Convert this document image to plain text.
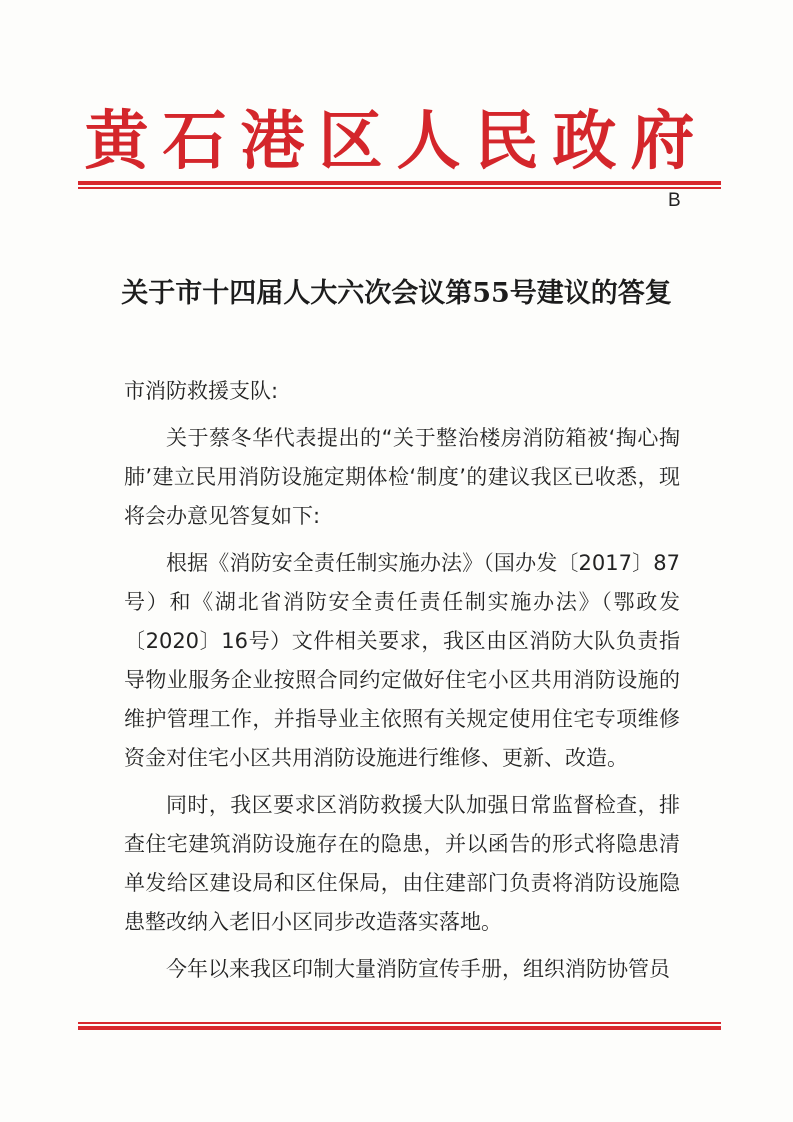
黄石港区人民政府
B
关于市十四届人大六次会议第55号建议的答复

市消防救援支队:

关于蔡冬华代表提出的“关于整治楼房消防箱被‘掏心掏肺’建立民用消防设施定期体检‘制度’的建议我区已收悉，现将会办意见答复如下:

根据《消防安全责任制实施办法》（国办发〔2017〕87号）和《湖北省消防安全责任责任制实施办法》（鄂政发〔2020〕16号）文件相关要求，我区由区消防大队负责指导物业服务企业按照合同约定做好住宅小区共用消防设施的维护管理工作，并指导业主依照有关规定使用住宅专项维修资金对住宅小区共用消防设施进行维修、更新、改造。

同时，我区要求区消防救援大队加强日常监督检查，排查住宅建筑消防设施存在的隐患，并以函告的形式将隐患清单发给区建设局和区住保局，由住建部门负责将消防设施隐患整改纳入老旧小区同步改造落实落地。

今年以来我区印制大量消防宣传手册，组织消防协管员
